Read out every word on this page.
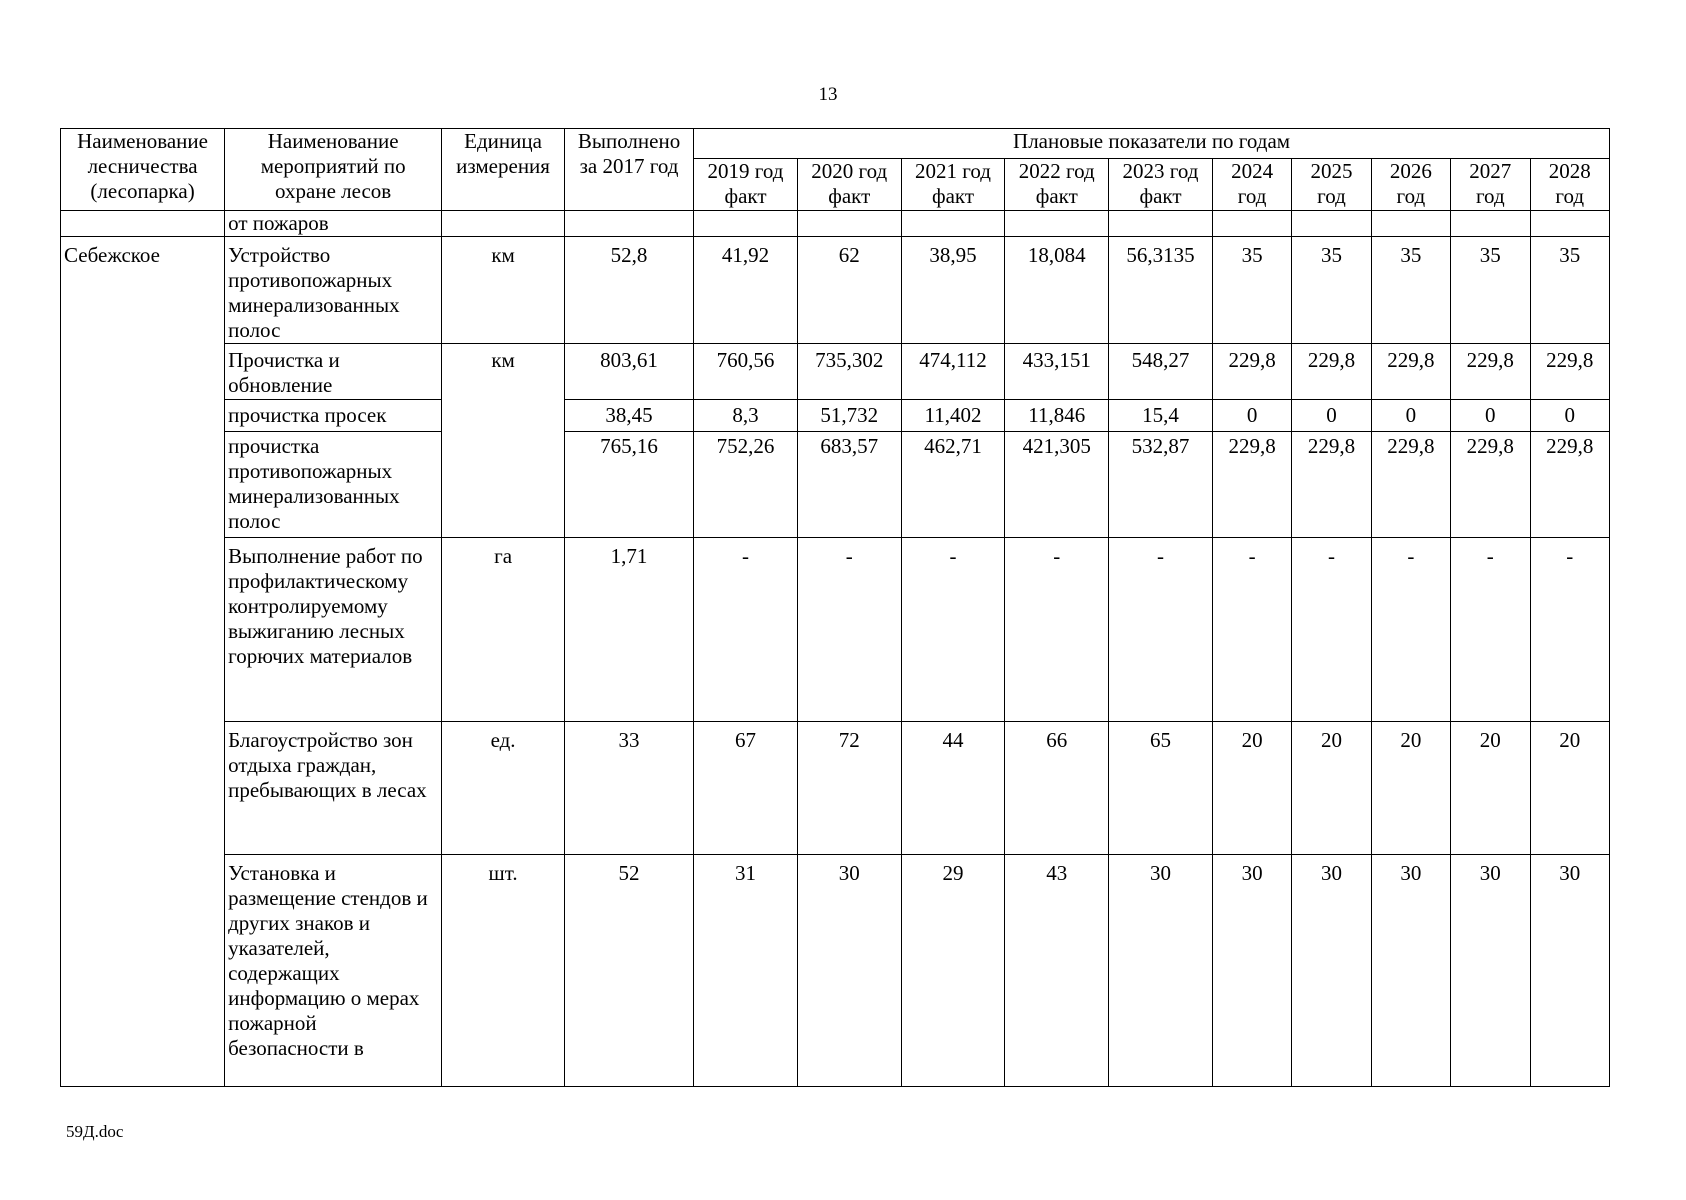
13
Наименование лесничества (лесопарка)	Наименование мероприятий по охране лесов	Единица измерения	Выполнено за 2017 год	Плановые показатели по годам									
				2019 год факт	2020 год факт	2021 год факт	2022 год факт	2023 год факт	2024 год	2025 год	2026 год	2027 год	2028 год
	от пожаров												
Себежское	Устройство противопожарных минерализованных полос	км	52,8	41,92	62	38,95	18,084	56,3135	35	35	35	35	35
	Прочистка и обновление	км	803,61	760,56	735,302	474,112	433,151	548,27	229,8	229,8	229,8	229,8	229,8
	прочистка просек		38,45	8,3	51,732	11,402	11,846	15,4	0	0	0	0	0
	прочистка противопожарных минерализованных полос		765,16	752,26	683,57	462,71	421,305	532,87	229,8	229,8	229,8	229,8	229,8
	Выполнение работ по профилактическому контролируемому выжиганию лесных горючих материалов	га	1,71	-	-	-	-	-	-	-	-	-	-
	Благоустройство зон отдыха граждан, пребывающих в лесах	ед.	33	67	72	44	66	65	20	20	20	20	20
	Установка и размещение стендов и других знаков и указателей, содержащих информацию о мерах пожарной безопасности в	шт.	52	31	30	29	43	30	30	30	30	30	30
59Д.doc
